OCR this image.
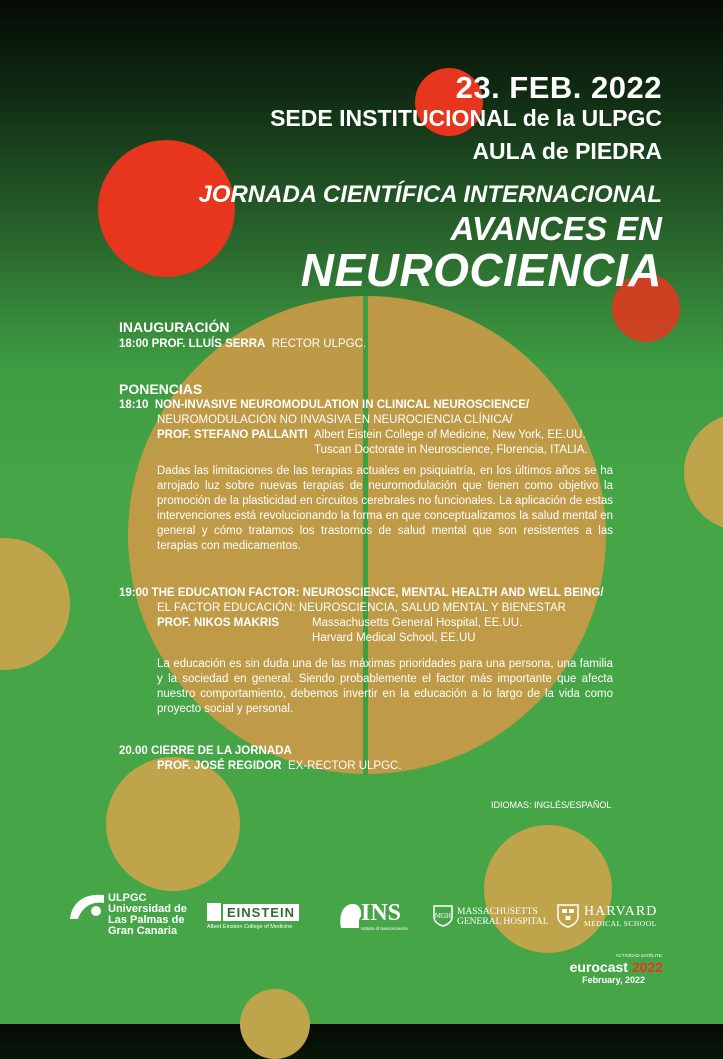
23. FEB. 2022
SEDE INSTITUCIONAL de la ULPGC
AULA de PIEDRA
JORNADA CIENTÍFICA INTERNACIONAL
AVANCES EN
NEUROCIENCIA
INAUGURACIÓN
18:00 PROF. LLUÍS SERRA RECTOR ULPGC.
PONENCIAS
18:10 NON-INVASIVE NEUROMODULATION IN CLINICAL NEUROSCIENCE/
NEUROMODULACIÓN NO INVASIVA EN NEUROCIENCIA CLÍNICA/
PROF. STEFANO PALLANTI Albert Eistein College of Medicine, New York, EE.UU.
Tuscan Doctorate in Neuroscience, Florencia, ITALIA.
Dadas las limitaciones de las terapias actuales en psiquiatría, en los últimos años se ha arrojado luz sobre nuevas terapias de neuromodulación que tienen como objetivo la promoción de la plasticidad en circuitos cerebrales no funcionales. La aplicación de estas intervenciones está revolucionando la forma en que conceptualizamos la salud mental en general y cómo tratamos los trastornos de salud mental que son resistentes a las terapias con medicamentos.
19:00 THE EDUCATION FACTOR: NEUROSCIENCE, MENTAL HEALTH AND WELL BEING/
EL FACTOR EDUCACIÓN: NEUROSCIENCIA, SALUD MENTAL Y BIENESTAR
PROF. NIKOS MAKRIS	Massachusetts General Hospital, EE.UU.
Harvard Medical School, EE.UU
La educación es sin duda una de las máximas prioridades para una persona, una familia y la sociedad en general. Siendo probablemente el factor más importante que afecta nuestro comportamiento, debemos invertir en la educación a lo largo de la vida como proyecto social y personal.
20.00 CIERRE DE LA JORNADA
PROF. JOSÉ REGIDOR EX-RECTOR ULPGC.
IDIOMAS: INGLÉS/ESPAÑOL
ULPGC
Universidad de
Las Palmas de
Gran Canaria
EINSTEIN
Albert Einstein College of Medicine
INS
Istituto di Neuroscienze
MGH MASSACHUSETTS
GENERAL HOSPITAL
HARVARD
MEDICAL SCHOOL
ACTIVIDAD SATÉLITE:
eurocast 2022
February, 2022
